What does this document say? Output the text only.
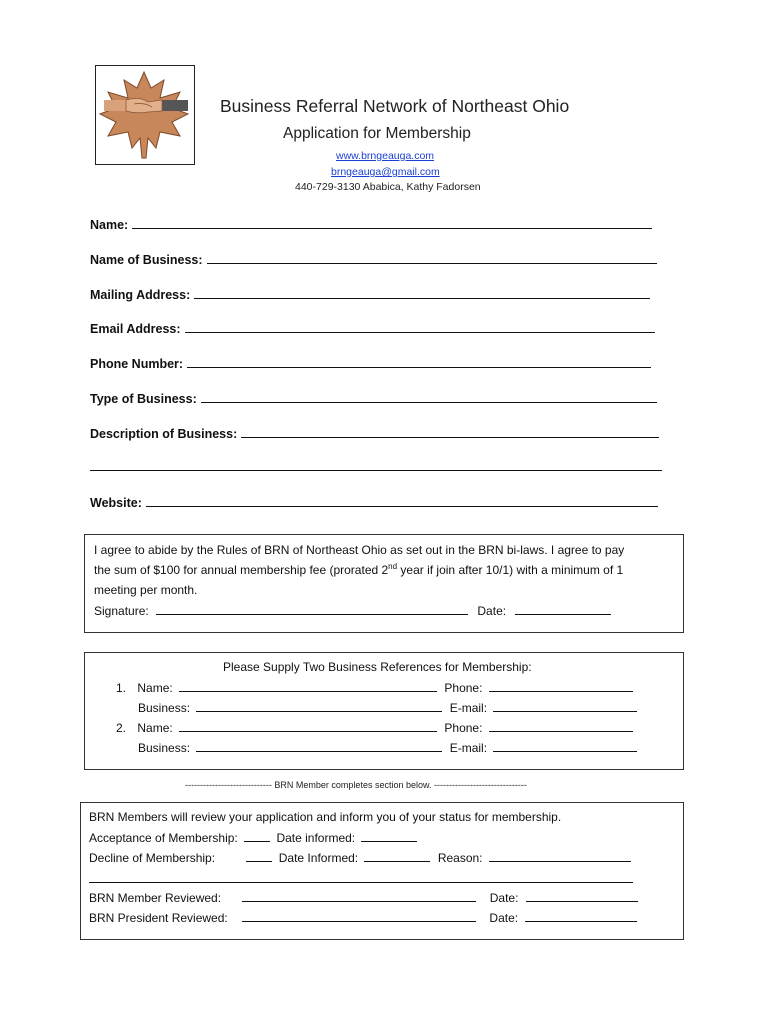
Business Referral Network of Northeast Ohio
Application for Membership
www.brngeauga.com
brngeauga@gmail.com
440-729-3130 Ababica, Kathy Fadorsen
Name:
Name of Business:
Mailing Address:
Email Address:
Phone Number:
Type of Business:
Description of Business:
Website:
I agree to abide by the Rules of BRN of Northeast Ohio as set out in the BRN bi-laws. I agree to pay
the sum of $100 for annual membership fee (prorated 2nd year if join after 10/1) with a minimum of 1
meeting per month.
Signature:	Date:
Please Supply Two Business References for Membership:
1. Name:	Phone:
Business:	E-mail:
2. Name:	Phone:
Business:	E-mail:
----------------------------- BRN Member completes section below. -------------------------------
BRN Members will review your application and inform you of your status for membership.
Acceptance of Membership:	Date informed:
Decline of Membership:	Date Informed:	Reason:
BRN Member Reviewed:	Date:
BRN President Reviewed:	Date:
